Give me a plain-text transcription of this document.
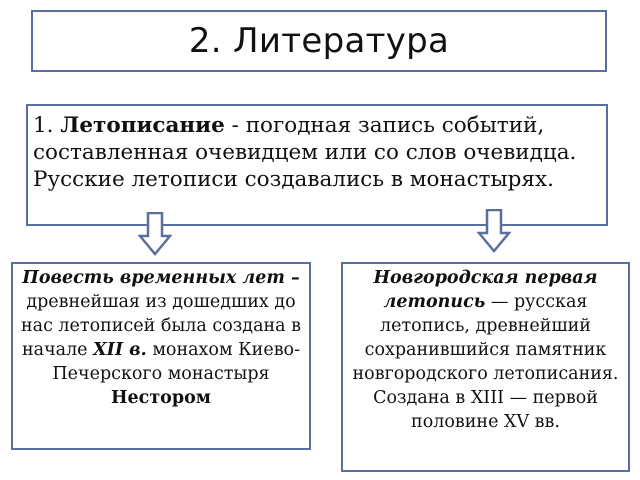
2. Литература
1. Летописание - погодная запись событий, составленная очевидцем или со слов очевидца. Русские летописи создавались в монастырях.
Повесть временных лет – древнейшая из дошедших до нас летописей была создана в начале XII в. монахом Киево-Печерского монастыря Нестором
Новгородская первая летопись — русская летопись, древнейший сохранившийся памятник новгородского летописания. Создана в XIII — первой половине XV вв.
